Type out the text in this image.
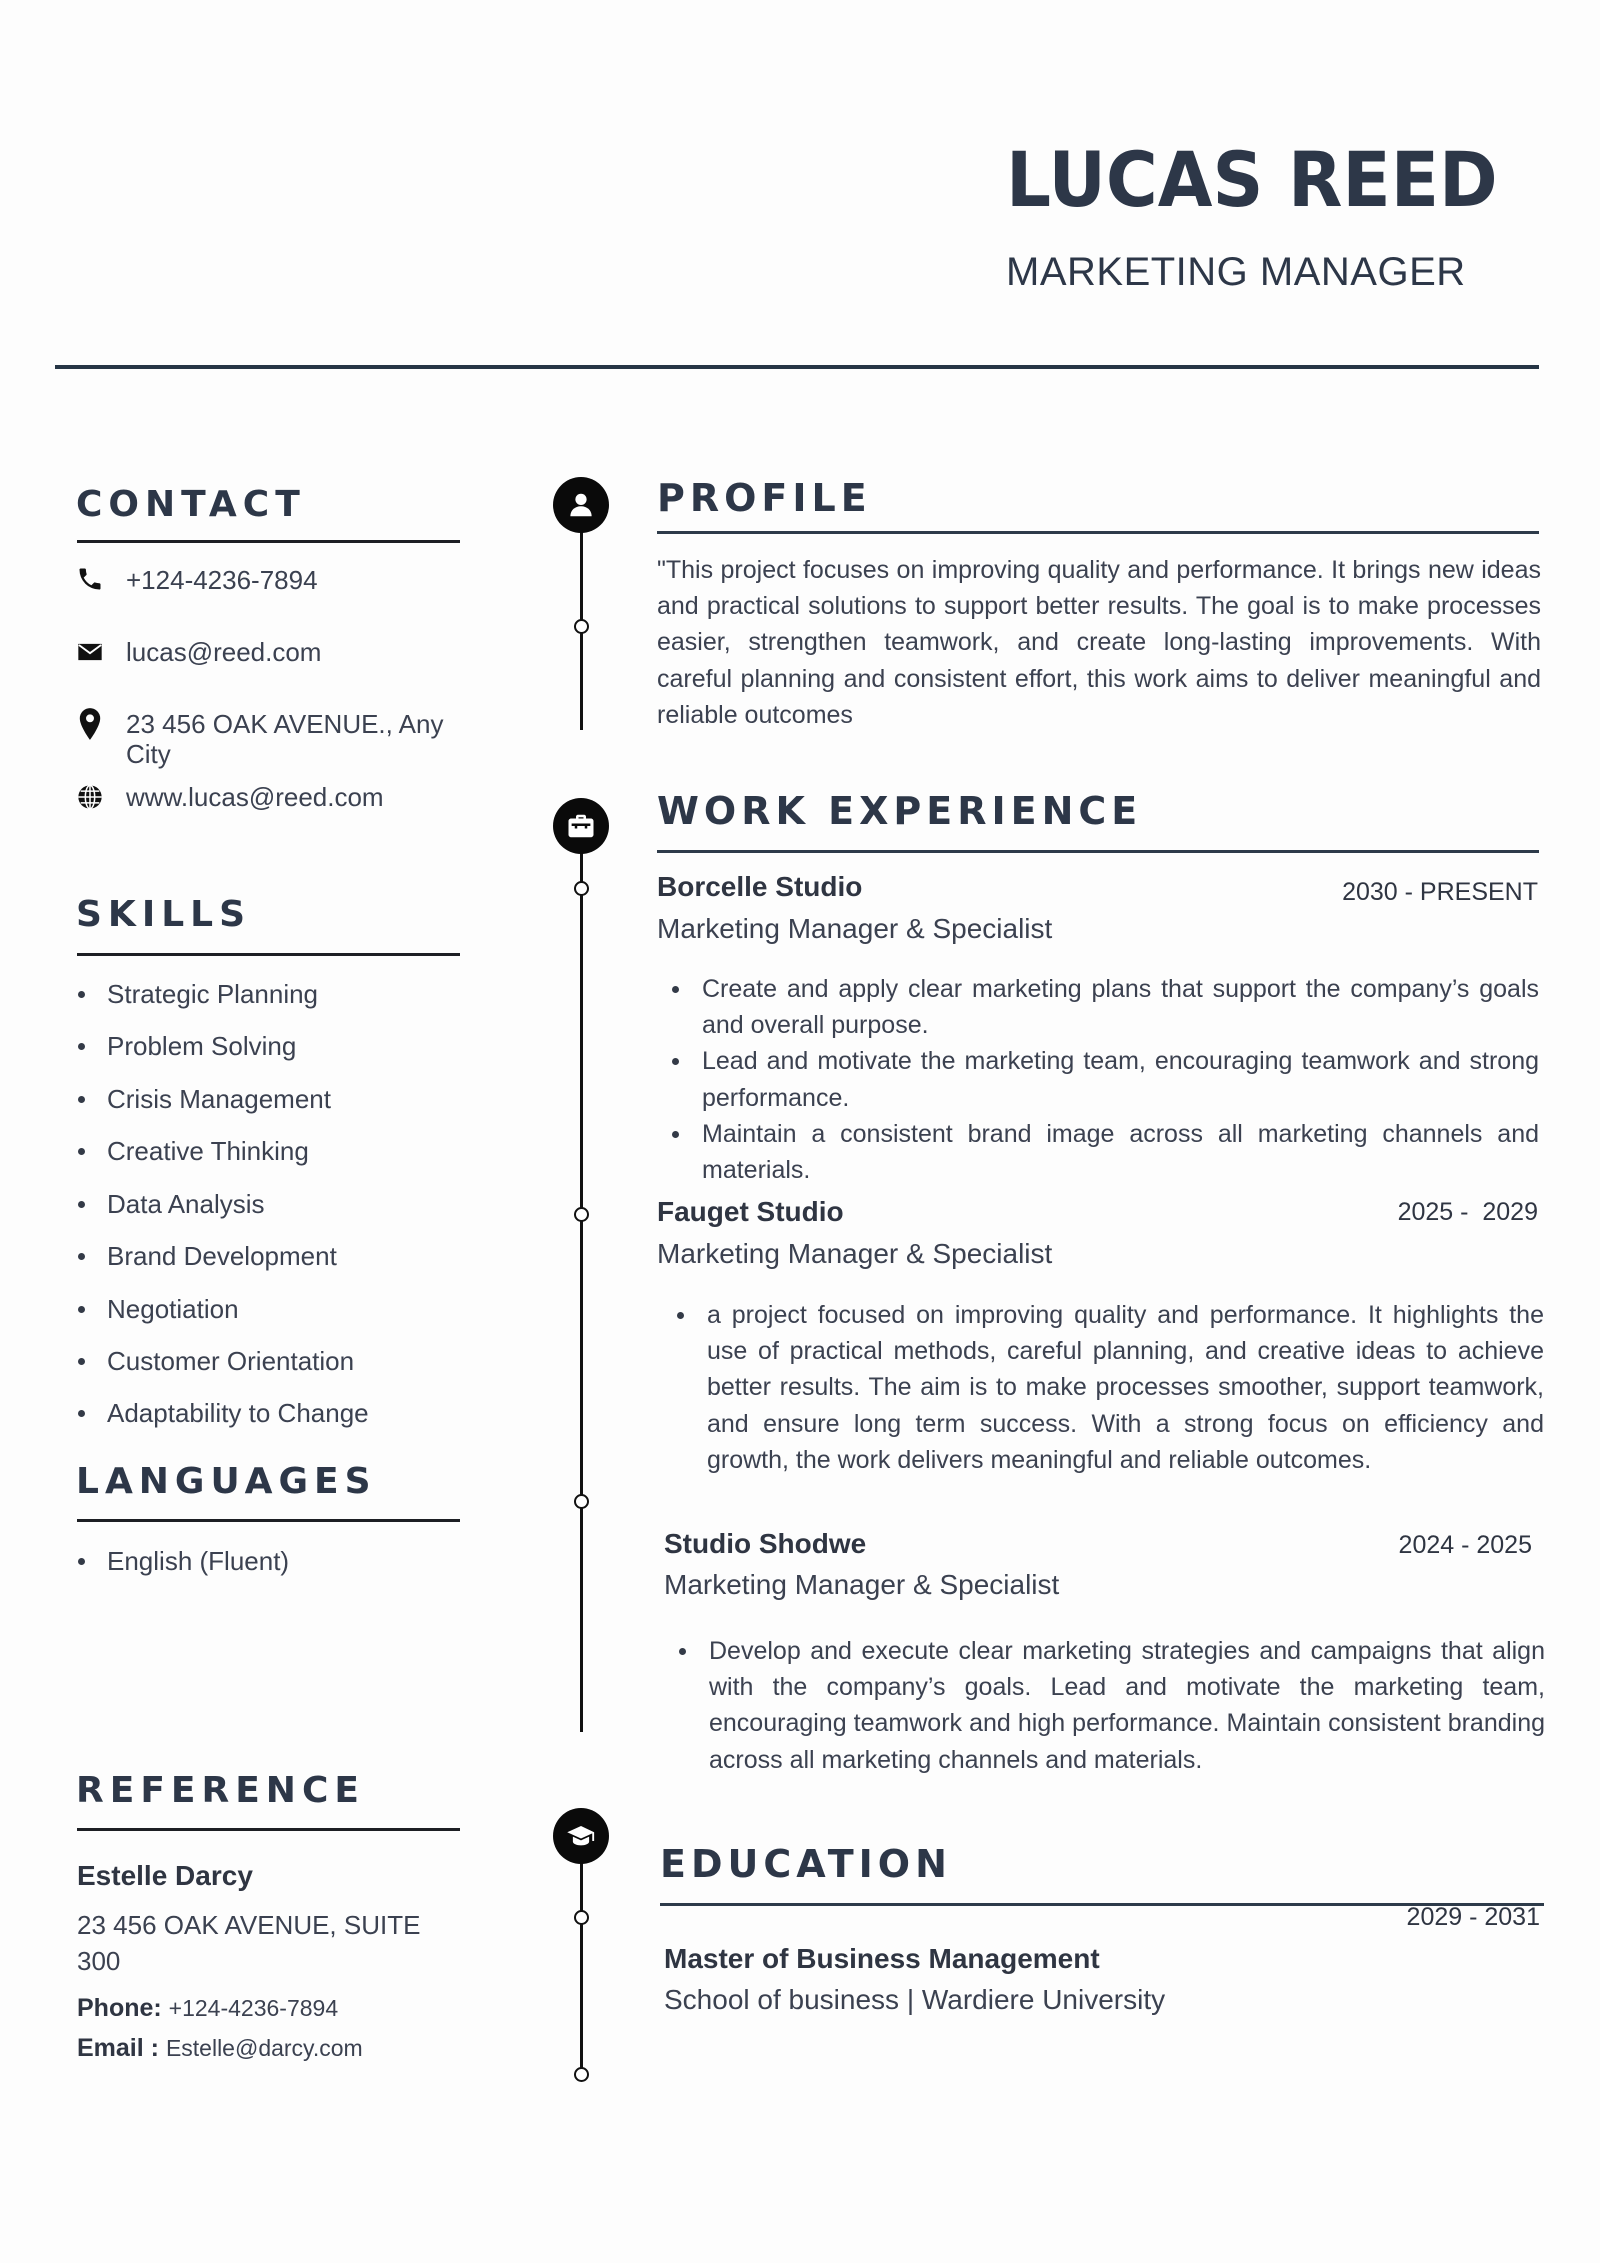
LUCAS REED
MARKETING MANAGER
CONTACT
+124-4236-7894
lucas@reed.com
23 456 OAK AVENUE., Any City
www.lucas@reed.com
SKILLS
Strategic Planning
Problem Solving
Crisis Management
Creative Thinking
Data Analysis
Brand Development
Negotiation
Customer Orientation
Adaptability to Change
LANGUAGES
English (Fluent)
REFERENCE
Estelle Darcy
23 456 OAK AVENUE, SUITE 300
Phone: +124-4236-7894
Email : Estelle@darcy.com
PROFILE
"This project focuses on improving quality and performance. It brings new ideas and practical solutions to support better results. The goal is to make processes easier, strengthen teamwork, and create long-lasting improvements. With careful planning and consistent effort, this work aims to deliver meaningful and reliable outcomes
WORK EXPERIENCE
Borcelle Studio	2030 - PRESENT
Marketing Manager & Specialist
Create and apply clear marketing plans that support the company’s goals and overall purpose.
Lead and motivate the marketing team, encouraging teamwork and strong performance.
Maintain a consistent brand image across all marketing channels and materials.
Fauget Studio	2025 -  2029
Marketing Manager & Specialist
a project focused on improving quality and performance. It highlights the use of practical methods, careful planning, and creative ideas to achieve better results. The aim is to make processes smoother, support teamwork, and ensure long term success. With a strong focus on efficiency and growth, the work delivers meaningful and reliable outcomes.
Studio Shodwe	2024 - 2025
Marketing Manager & Specialist
Develop and execute clear marketing strategies and campaigns that align with the company’s goals. Lead and motivate the marketing team, encouraging teamwork and high performance. Maintain consistent branding across all marketing channels and materials.
EDUCATION
2029 - 2031
Master of Business Management
School of business | Wardiere University
